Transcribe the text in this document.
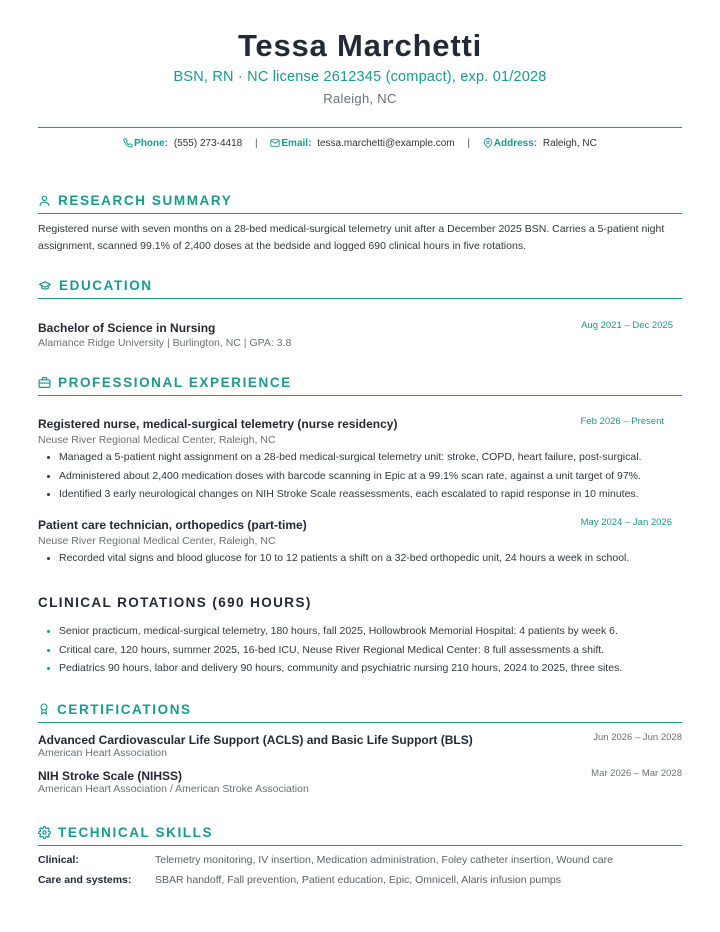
Tessa Marchetti
BSN, RN · NC license 2612345 (compact), exp. 01/2028
Raleigh, NC
Phone: (555) 273-4418 | Email: tessa.marchetti@example.com | Address: Raleigh, NC
RESEARCH SUMMARY
Registered nurse with seven months on a 28-bed medical-surgical telemetry unit after a December 2025 BSN. Carries a 5-patient night assignment, scanned 99.1% of 2,400 doses at the bedside and logged 690 clinical hours in five rotations.
EDUCATION
Bachelor of Science in Nursing	Aug 2021 – Dec 2025
Alamance Ridge University | Burlington, NC | GPA: 3.8
PROFESSIONAL EXPERIENCE
Registered nurse, medical-surgical telemetry (nurse residency)	Feb 2026 – Present
Neuse River Regional Medical Center, Raleigh, NC
Managed a 5-patient night assignment on a 28-bed medical-surgical telemetry unit: stroke, COPD, heart failure, post-surgical.
Administered about 2,400 medication doses with barcode scanning in Epic at a 99.1% scan rate, against a unit target of 97%.
Identified 3 early neurological changes on NIH Stroke Scale reassessments, each escalated to rapid response in 10 minutes.
Patient care technician, orthopedics (part-time)	May 2024 – Jan 2026
Neuse River Regional Medical Center, Raleigh, NC
Recorded vital signs and blood glucose for 10 to 12 patients a shift on a 32-bed orthopedic unit, 24 hours a week in school.
CLINICAL ROTATIONS (690 HOURS)
Senior practicum, medical-surgical telemetry, 180 hours, fall 2025, Hollowbrook Memorial Hospital: 4 patients by week 6.
Critical care, 120 hours, summer 2025, 16-bed ICU, Neuse River Regional Medical Center: 8 full assessments a shift.
Pediatrics 90 hours, labor and delivery 90 hours, community and psychiatric nursing 210 hours, 2024 to 2025, three sites.
CERTIFICATIONS
Advanced Cardiovascular Life Support (ACLS) and Basic Life Support (BLS)	Jun 2026 – Jun 2028
American Heart Association
NIH Stroke Scale (NIHSS)	Mar 2026 – Mar 2028
American Heart Association / American Stroke Association
TECHNICAL SKILLS
Clinical:	Telemetry monitoring, IV insertion, Medication administration, Foley catheter insertion, Wound care
Care and systems: SBAR handoff, Fall prevention, Patient education, Epic, Omnicell, Alaris infusion pumps
